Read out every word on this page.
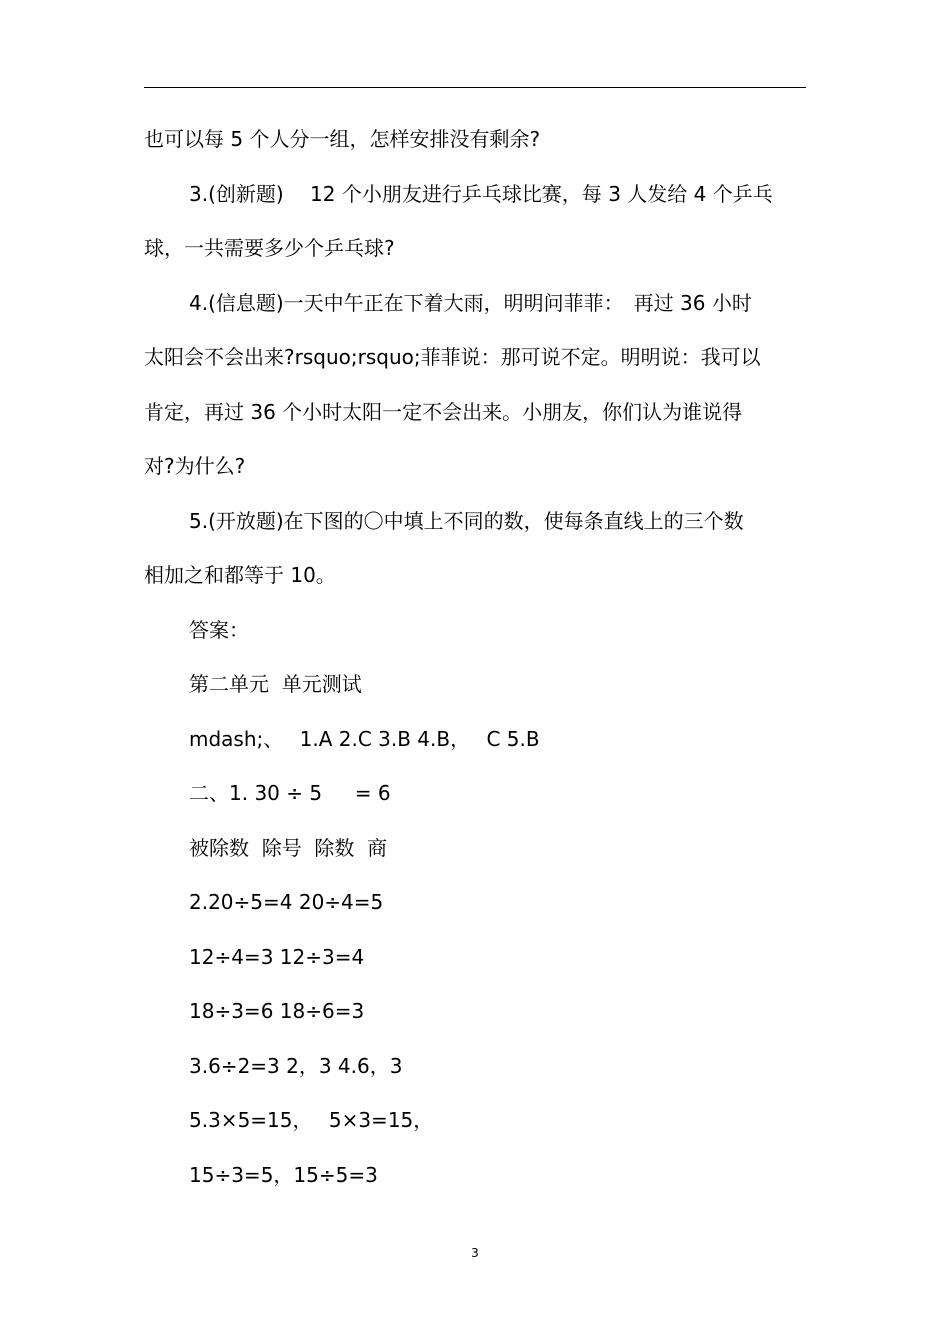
也可以每 5 个人分一组，怎样安排没有剩余?
3.(创新题)　 12 个小朋友进行乒乓球比赛，每 3 人发给 4 个乒乓
球，一共需要多少个乒乓球?
4.(信息题)一天中午正在下着大雨，明明问菲菲：　再过 36 小时
太阳会不会出来?rsquo;rsquo;菲菲说：那可说不定。明明说：我可以
肯定，再过 36 个小时太阳一定不会出来。小朋友，你们认为谁说得
对?为什么?
5.(开放题)在下图的〇中填上不同的数，使每条直线上的三个数
相加之和都等于 10。
答案：
第二单元  单元测试
mdash;、　 1.A 2.C 3.B 4.B，　 C 5.B
二、1. 30 ÷ 5 　 = 6
被除数  除号  除数  商
2.20÷5=4 20÷4=5
12÷4=3 12÷3=4
18÷3=6 18÷6=3
3.6÷2=3 2，3 4.6，3
5.3×5=15，　 5×3=15，
15÷3=5，15÷5=3
3
